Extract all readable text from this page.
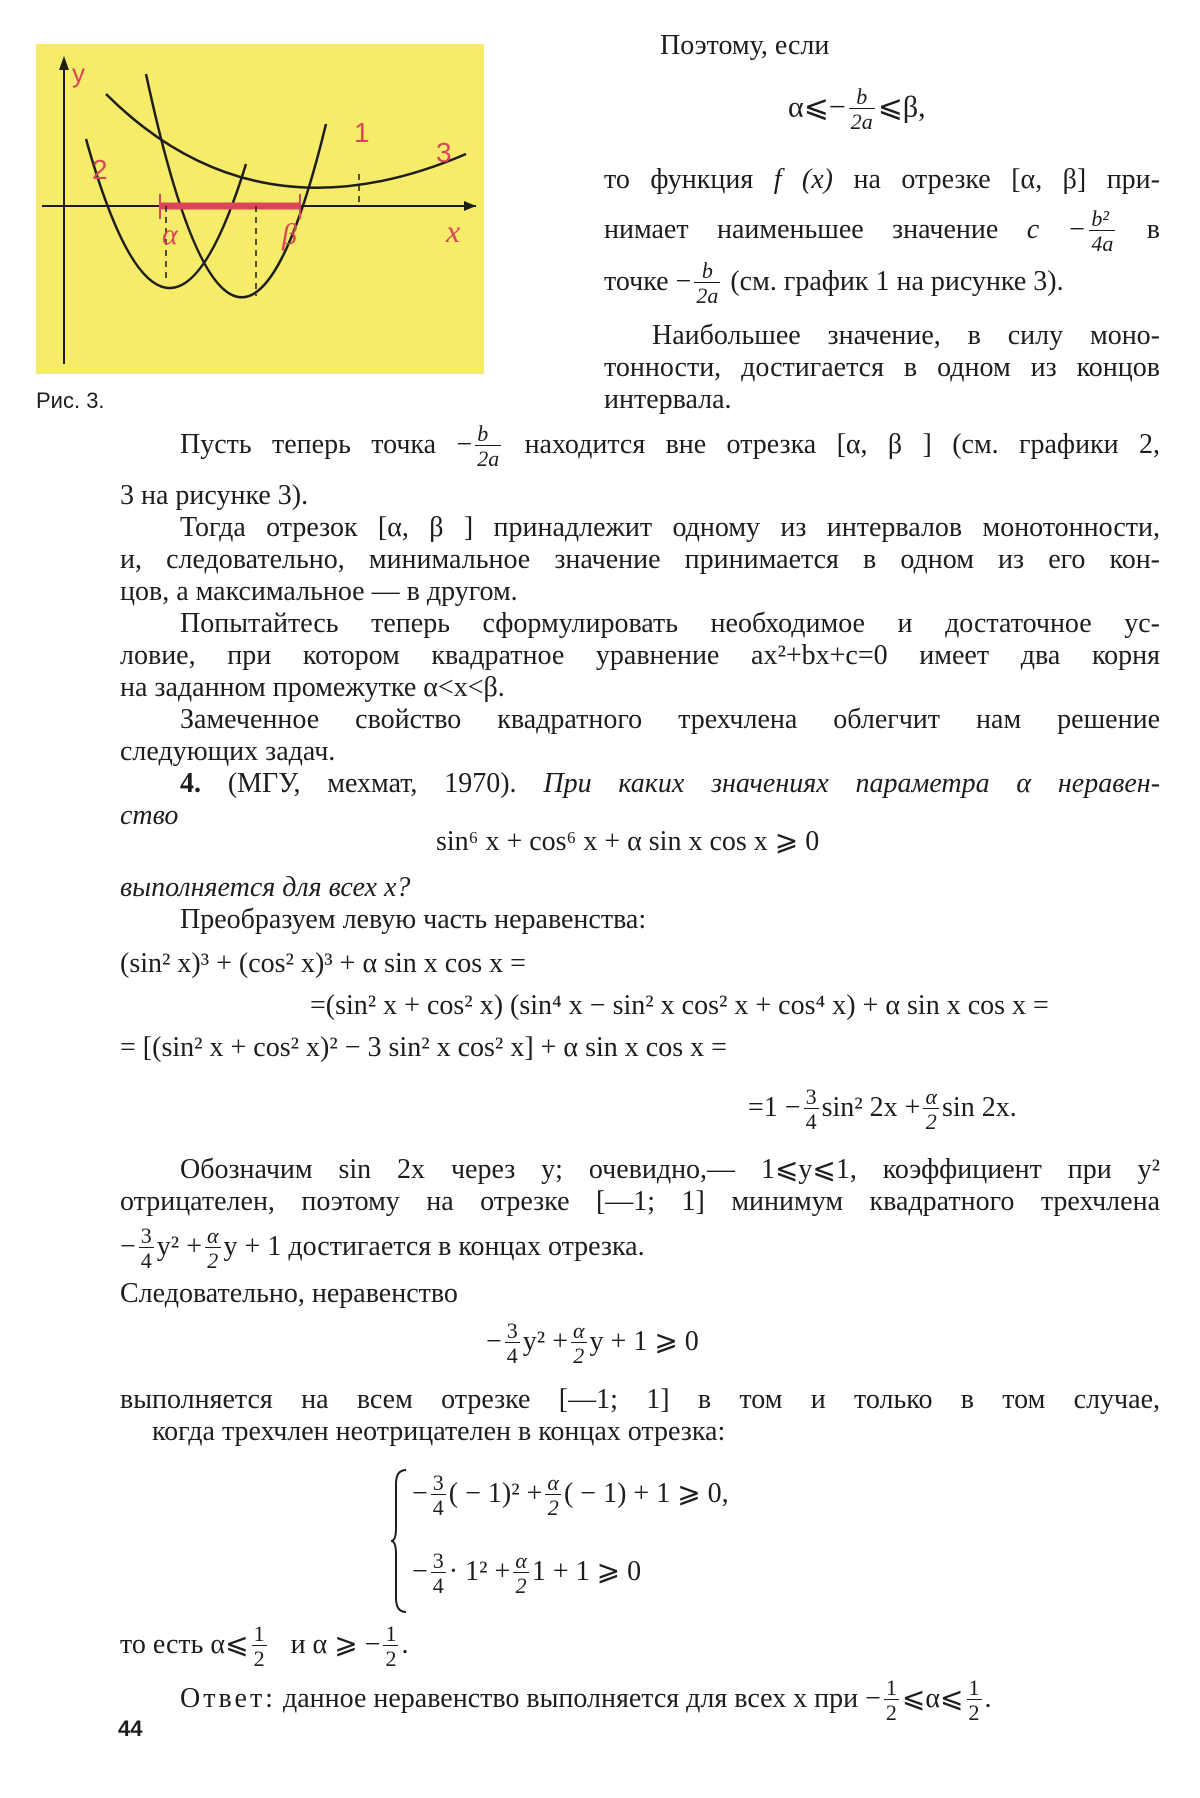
y
x
α	β
1
2
3
Рис. 3.
Поэтому, если
α⩽− $\frac{b}{2a}$ ⩽β,
то функция f (x) на отрезке [α, β] при-
нимает наименьшее значение $c - \frac{\text{b²}}{4a}$ в
точке − $\frac{b}{2a} (см$. график 1 на рисунке 3).
Наибольшее значение, в силу моно-
тонности, достигается в одном из концов
интервала.
Пусть теперь точка − $\frac{b}{2a}$ находится вне отрезка [α, β ] (см. графики 2,
3 на рисунке 3).
Тогда отрезок [α, β ] принадлежит одному из интервалов монотонности,
и, следовательно, минимальное значение принимается в одном из его кон-
цов, а максимальное — в другом.
Попытайтесь теперь сформулировать необходимое и достаточное ус-
ловие, при котором квадратное уравнение ax²+bx+c=0 имеет два корня
на заданном промежутке α<x<β.
Замеченное свойство квадратного трехчлена облегчит нам решение
следующих задач.
4. (МГУ, мехмат, 1970). При каких значениях параметра α неравен-
ство
sin⁶ x + cos⁶ x + α sin x cos x ⩾ 0
выполняется для всех x?
Преобразуем левую часть неравенства:
(sin² x)³ + (cos² x)³ + α sin x cos x =
=(sin² x + cos² x) (sin⁴ x − sin² x cos² x + cos⁴ x) + α sin x cos x =
= [(sin² x + cos² x)² − 3 sin² x cos² x] + α sin x cos x =
$=1 - \frac{3}{4} \sin^2$ $2x + \frac{\alpha}{2}$ sin 2x.
Обозначим sin 2x через y; очевидно,— 1⩽y⩽1, коэффициент при y²
отрицателен, поэтому на отрезке [—1; 1] минимум квадратного трехчлена
− $\frac{3}{4} y^2 + \frac{\alpha}{2}$ y + 1 достигается в концах отрезка.
Следовательно, неравенство
− $\frac{3}{4} y^2 + \frac{\alpha}{2}$ y + 1 ⩾ 0
выполняется на всем отрезке [—1; 1] в том и только в том случае,
когда трехчлен неотрицателен в концах отрезка:
− $\frac{3}{4}$ ( − $1)^2 + \frac{\alpha}{2}$ ( − 1) + 1 ⩾ 0,
− $\frac{3}{4} \cdot 1^2 + \frac{\alpha}{2} 1 + 1$ ⩾ 0
то есть α⩽ $\frac{1}{2}$ и α ⩾ − $\frac{1}{2}$ .
Ответ: данное неравенство выполняется для всех x при − $\frac{1}{2}$ ⩽α⩽ $\frac{1}{2}$ .
44
